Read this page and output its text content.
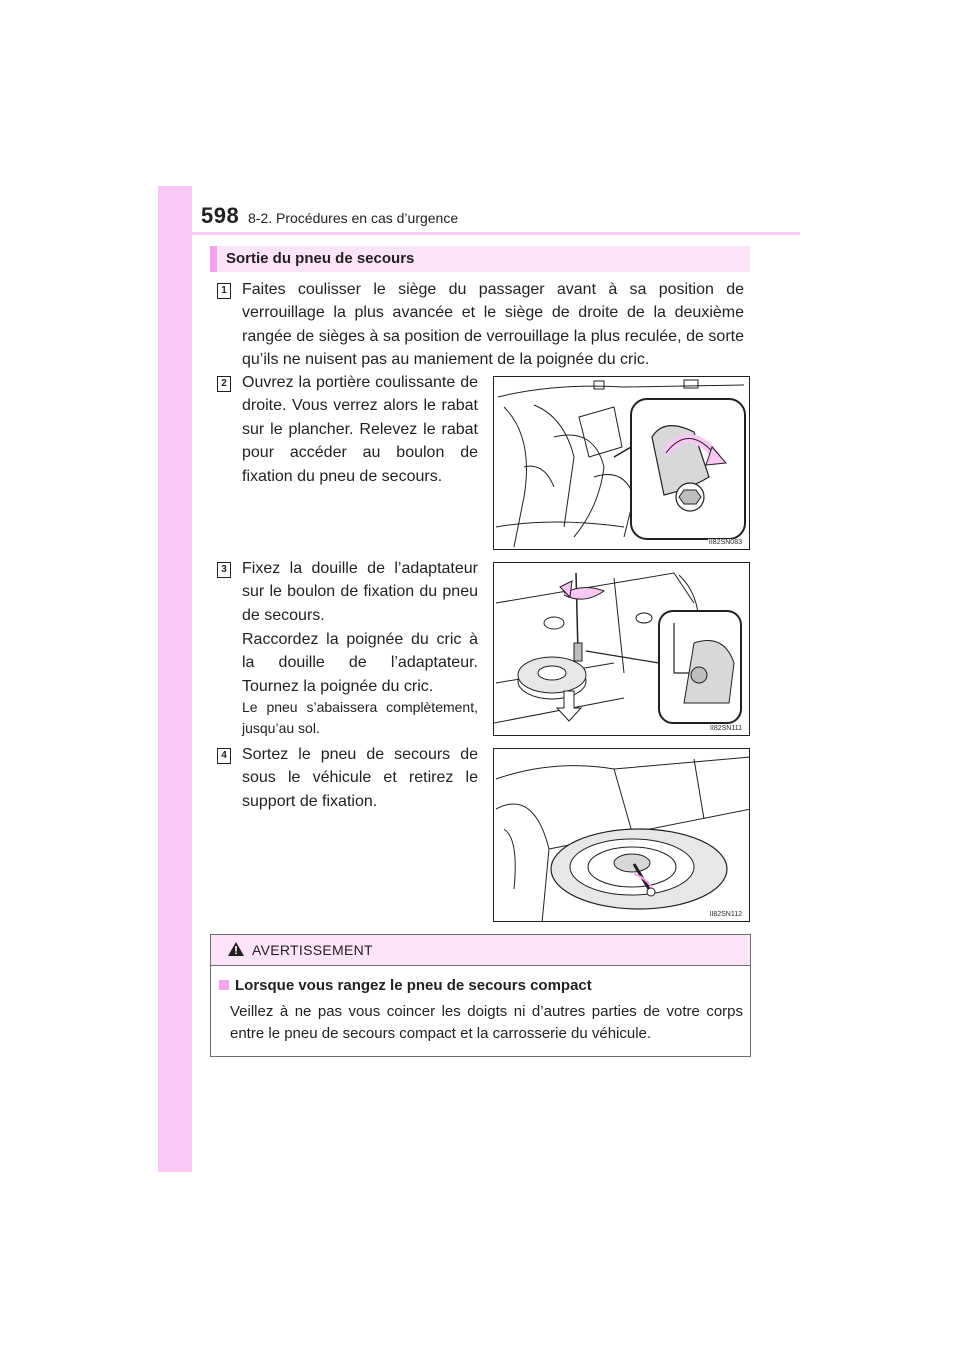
598 8-2. Procédures en cas d’urgence
Sortie du pneu de secours
1 Faites coulisser le siège du passager avant à sa position de verrouillage la plus avancée et le siège de droite de la deuxième rangée de sièges à sa position de verrouillage la plus reculée, de sorte qu’ils ne nuisent pas au maniement de la poignée du cric.

2 Ouvrez la portière coulissante de droite. Vous verrez alors le rabat sur le plancher. Relevez le rabat pour accéder au boulon de fixation du pneu de secours.

II82SN083
3 Fixez la douille de l’adaptateur sur le boulon de fixation du pneu de secours.

Raccordez la poignée du cric à la douille de l’adaptateur. Tournez la poignée du cric.

Le pneu s’abaissera complètement, jusqu’au sol.	II82SN111
4 Sortez le pneu de secours de sous le véhicule et retirez le support de fixation.

II82SN112
AVERTISSEMENT
Lorsque vous rangez le pneu de secours compact

Veillez à ne pas vous coincer les doigts ni d’autres parties de votre corps entre le pneu de secours compact et la carrosserie du véhicule.
